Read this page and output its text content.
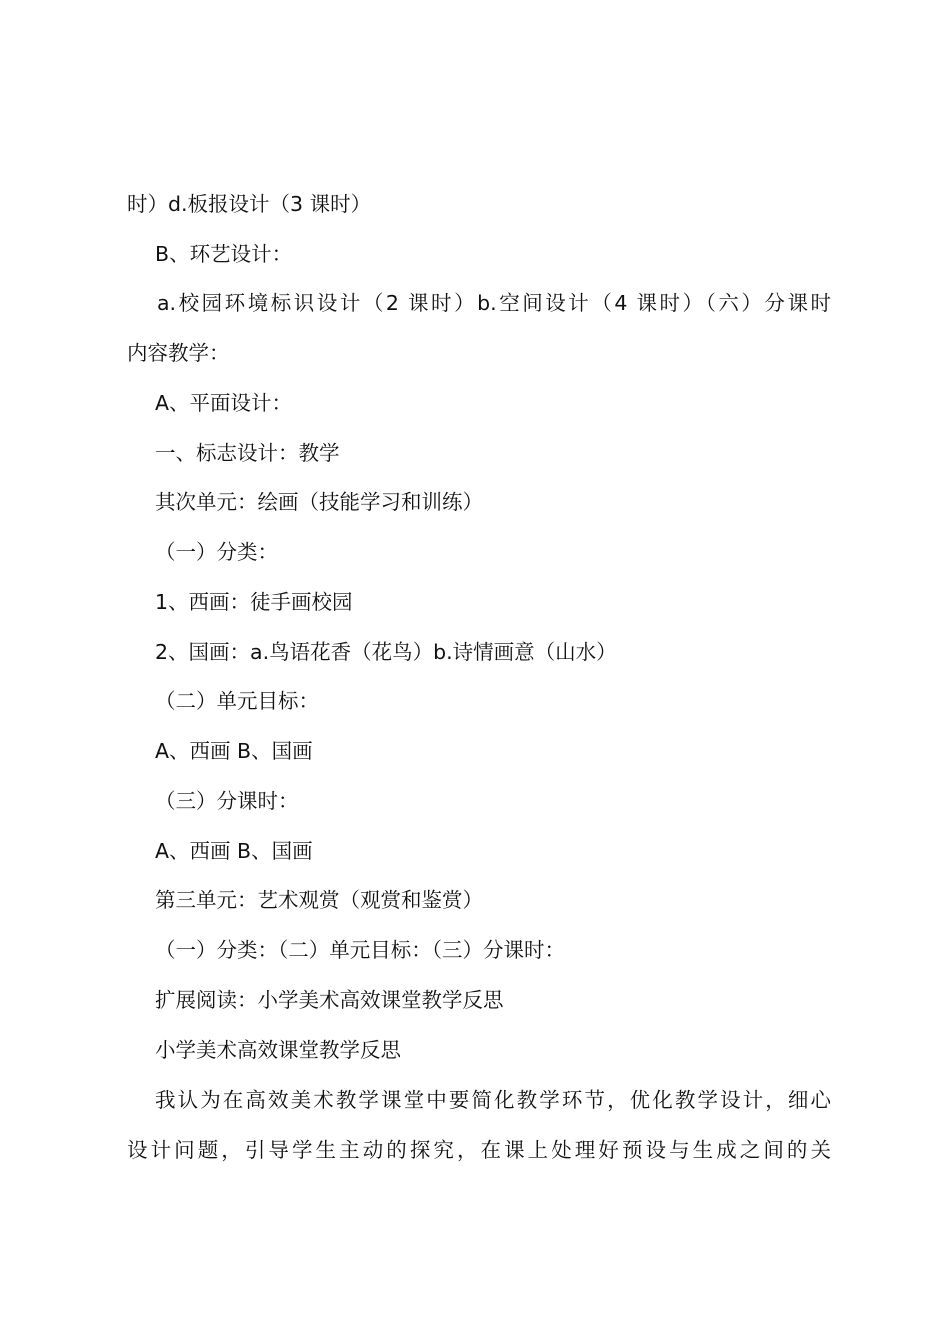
时）d.板报设计（3 课时）
B、环艺设计：
a.校园环境标识设计（2 课时）b.空间设计（4 课时）（六）分课时
内容教学：
A、平面设计：
一、标志设计：教学
其次单元：绘画（技能学习和训练）
（一）分类：
1、西画：徒手画校园
2、国画：a.鸟语花香（花鸟）b.诗情画意（山水）
（二）单元目标：
A、西画 B、国画
（三）分课时：
A、西画 B、国画
第三单元：艺术观赏（观赏和鉴赏）
（一）分类：（二）单元目标：（三）分课时：
扩展阅读：小学美术高效课堂教学反思
小学美术高效课堂教学反思
我认为在高效美术教学课堂中要简化教学环节，优化教学设计，细心
设计问题，引导学生主动的探究，在课上处理好预设与生成之间的关
